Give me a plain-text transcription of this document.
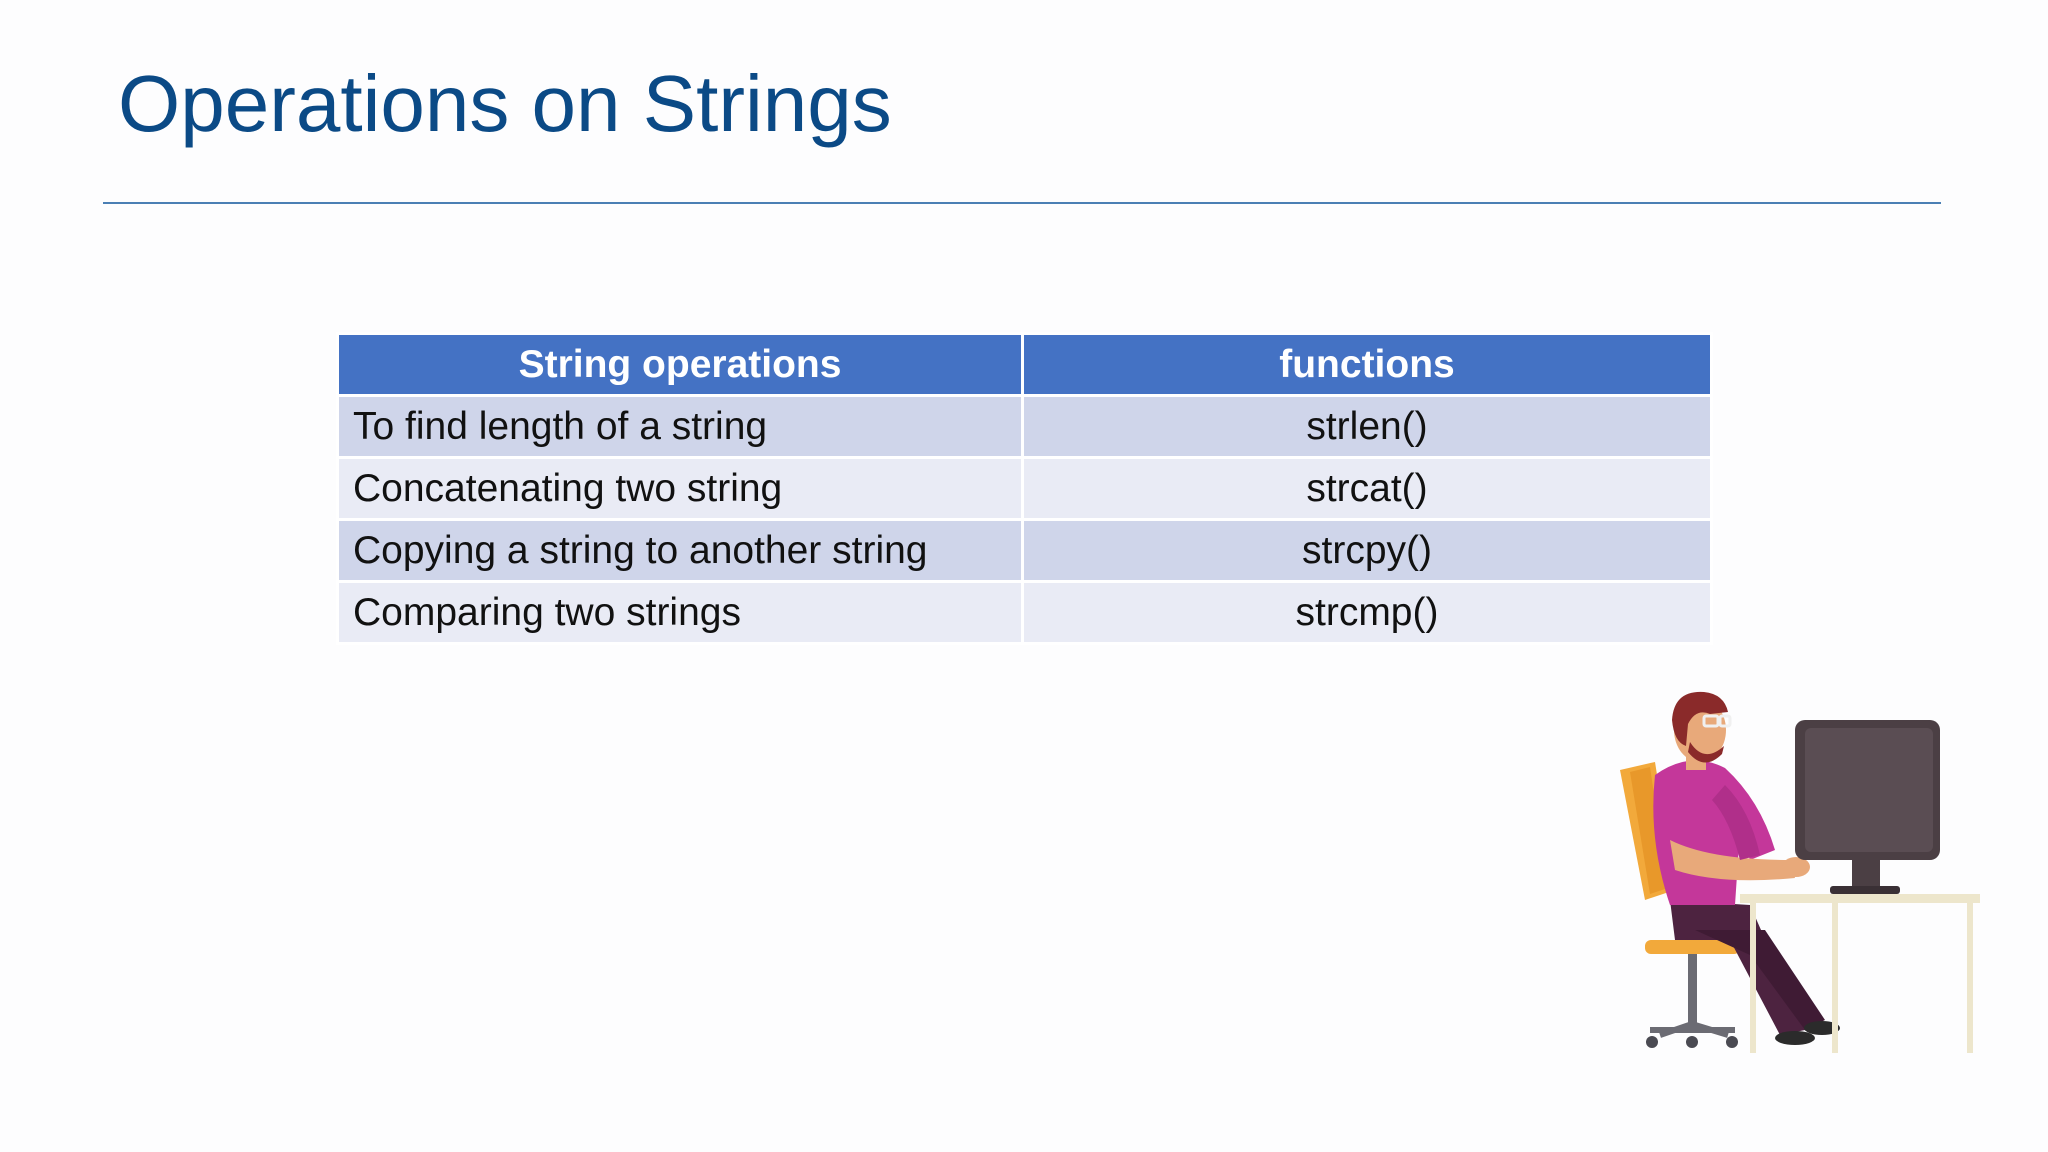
Operations on Strings
String operations	functions
To find length of a string	strlen()
Concatenating two string	strcat()
Copying a string to another string	strcpy()
Comparing two strings	strcmp()
